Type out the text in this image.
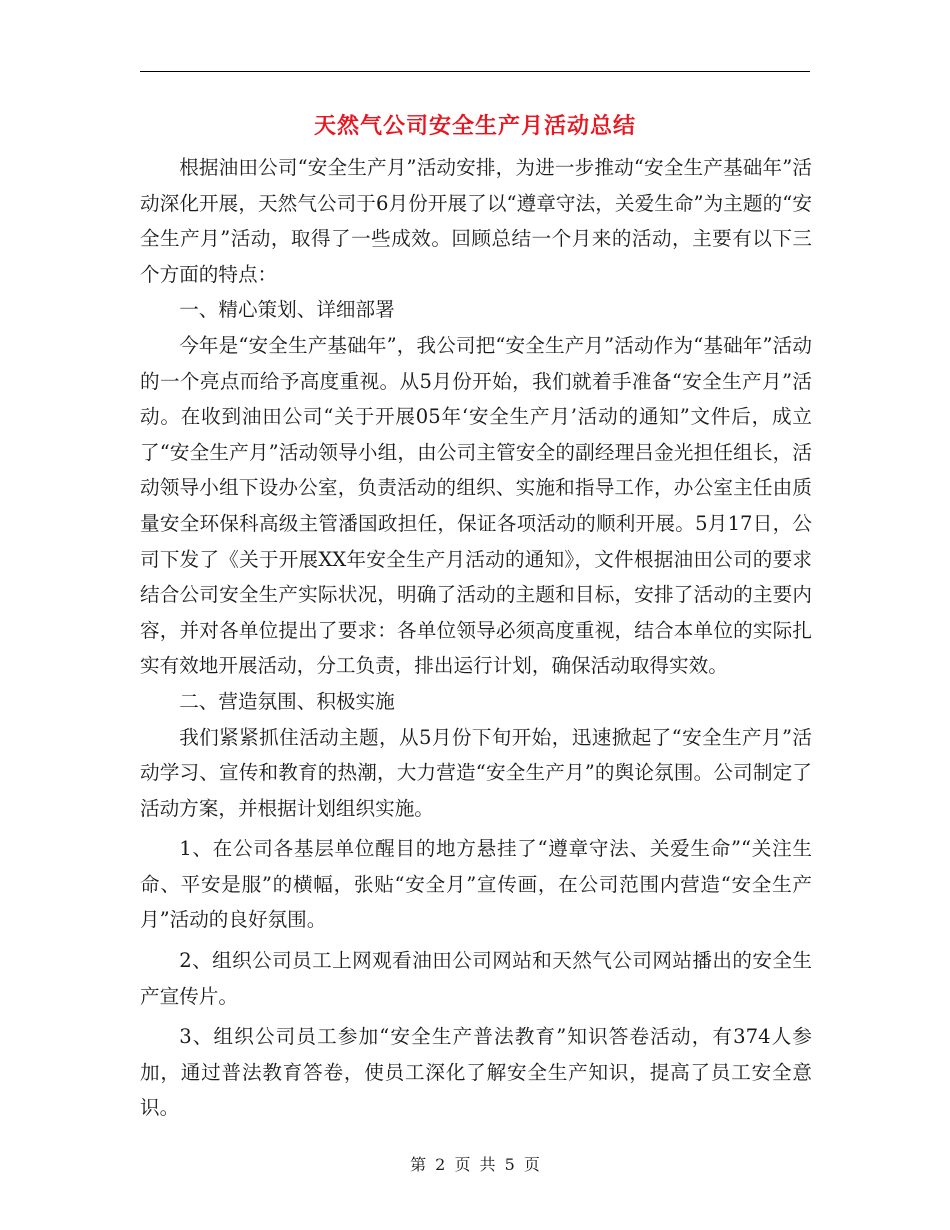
天然气公司安全生产月活动总结

根据油田公司“安全生产月”活动安排，为进一步推动“安全生产基础年”活动深化开展，天然气公司于6月份开展了以“遵章守法，关爱生命”为主题的“安全生产月”活动，取得了一些成效。回顾总结一个月来的活动，主要有以下三个方面的特点：

一、精心策划、详细部署

今年是“安全生产基础年”，我公司把“安全生产月”活动作为“基础年”活动的一个亮点而给予高度重视。从5月份开始，我们就着手准备“安全生产月”活动。在收到油田公司“关于开展05年‘安全生产月’活动的通知”文件后，成立了“安全生产月”活动领导小组，由公司主管安全的副经理吕金光担任组长，活动领导小组下设办公室，负责活动的组织、实施和指导工作，办公室主任由质量安全环保科高级主管潘国政担任，保证各项活动的顺利开展。5月17日，公司下发了《关于开展XX年安全生产月活动的通知》，文件根据油田公司的要求结合公司安全生产实际状况，明确了活动的主题和目标，安排了活动的主要内容，并对各单位提出了要求：各单位领导必须高度重视，结合本单位的实际扎实有效地开展活动，分工负责，排出运行计划，确保活动取得实效。

二、营造氛围、积极实施

我们紧紧抓住活动主题，从5月份下旬开始，迅速掀起了“安全生产月”活动学习、宣传和教育的热潮，大力营造“安全生产月”的舆论氛围。公司制定了活动方案，并根据计划组织实施。

1、在公司各基层单位醒目的地方悬挂了“遵章守法、关爱生命”“关注生命、平安是服”的横幅，张贴“安全月”宣传画，在公司范围内营造“安全生产月”活动的良好氛围。

2、组织公司员工上网观看油田公司网站和天然气公司网站播出的安全生产宣传片。

3、组织公司员工参加“安全生产普法教育”知识答卷活动，有374人参加，通过普法教育答卷，使员工深化了解安全生产知识，提高了员工安全意识。

第 2 页 共 5 页
